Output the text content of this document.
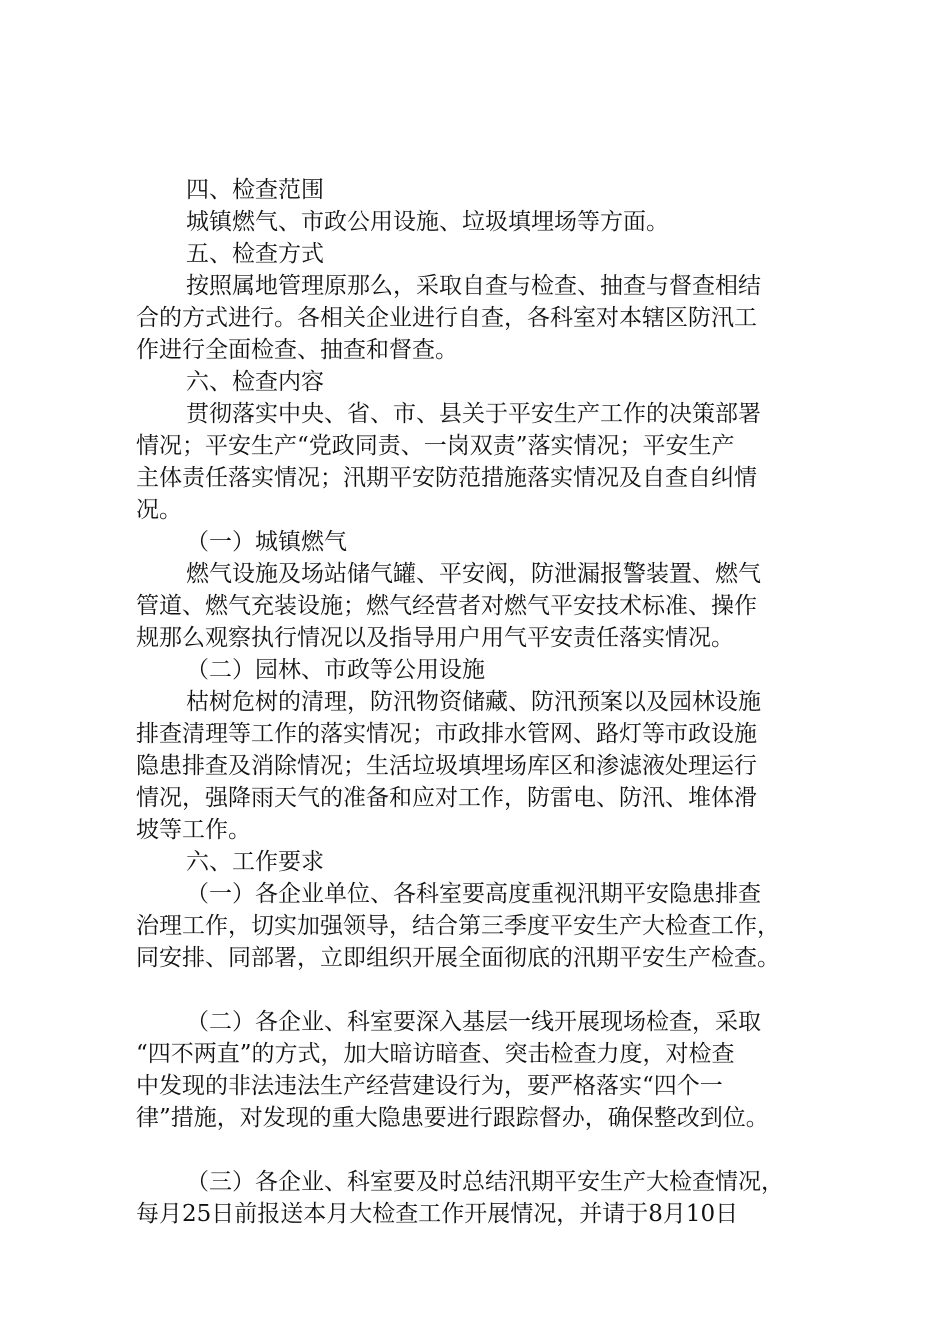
四、检查范围
城镇燃气、市政公用设施、垃圾填埋场等方面。
五、检查方式
按照属地管理原那么，采取自查与检查、抽查与督查相结
合的方式进行。各相关企业进行自查，各科室对本辖区防汛工
作进行全面检查、抽查和督查。
六、检查内容
贯彻落实中央、省、市、县关于平安生产工作的决策部署
情况；平安生产“党政同责、一岗双责”落实情况；平安生产
主体责任落实情况；汛期平安防范措施落实情况及自查自纠情
况。
（一）城镇燃气
燃气设施及场站储气罐、平安阀，防泄漏报警装置、燃气
管道、燃气充装设施；燃气经营者对燃气平安技术标准、操作
规那么观察执行情况以及指导用户用气平安责任落实情况。
（二）园林、市政等公用设施
枯树危树的清理，防汛物资储藏、防汛预案以及园林设施
排查清理等工作的落实情况；市政排水管网、路灯等市政设施
隐患排查及消除情况；生活垃圾填埋场库区和渗滤液处理运行
情况，强降雨天气的准备和应对工作，防雷电、防汛、堆体滑
坡等工作。
六、工作要求
（一）各企业单位、各科室要高度重视汛期平安隐患排查
治理工作，切实加强领导，结合第三季度平安生产大检查工作，
同安排、同部署，立即组织开展全面彻底的汛期平安生产检查。
（二）各企业、科室要深入基层一线开展现场检查，采取
“四不两直”的方式，加大暗访暗查、突击检查力度，对检查
中发现的非法违法生产经营建设行为，要严格落实“四个一
律”措施，对发现的重大隐患要进行跟踪督办，确保整改到位。
（三）各企业、科室要及时总结汛期平安生产大检查情况，
每月25日前报送本月大检查工作开展情况，并请于8月10日
